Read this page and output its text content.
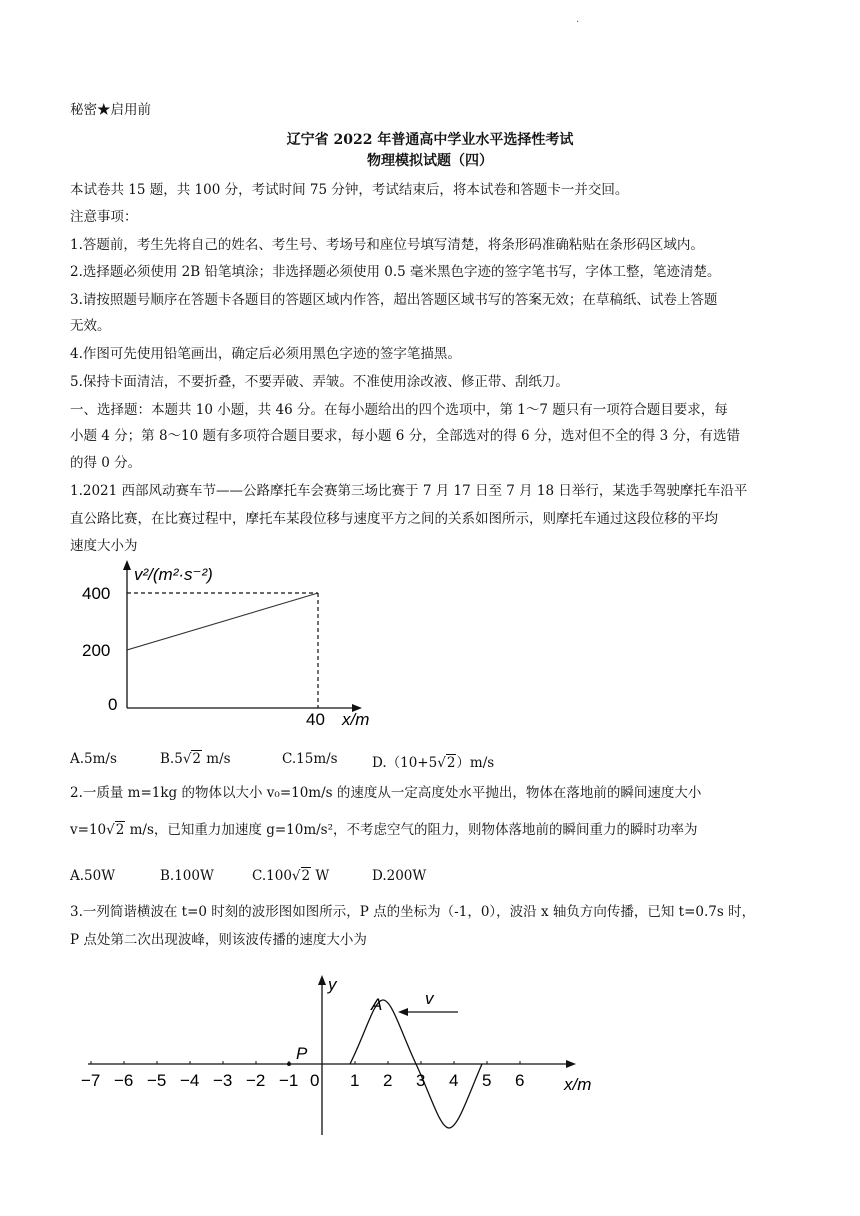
.
秘密★启用前
辽宁省 2022 年普通高中学业水平选择性考试
物理模拟试题（四）
本试卷共 15 题，共 100 分，考试时间 75 分钟，考试结束后，将本试卷和答题卡一并交回。
注意事项：
1.答题前，考生先将自己的姓名、考生号、考场号和座位号填写清楚，将条形码准确粘贴在条形码区域内。
2.选择题必须使用 2B 铅笔填涂；非选择题必须使用 0.5 毫米黑色字迹的签字笔书写，字体工整，笔迹清楚。
3.请按照题号顺序在答题卡各题目的答题区域内作答，超出答题区域书写的答案无效；在草稿纸、试卷上答题
无效。
4.作图可先使用铅笔画出，确定后必须用黑色字迹的签字笔描黑。
5.保持卡面清洁，不要折叠，不要弄破、弄皱。不准使用涂改液、修正带、刮纸刀。
一、选择题：本题共 10 小题，共 46 分。在每小题给出的四个选项中，第 1～7 题只有一项符合题目要求，每
小题 4 分；第 8～10 题有多项符合题目要求，每小题 6 分，全部选对的得 6 分，选对但不全的得 3 分，有选错
的得 0 分。
1.2021 西部风动赛车节——公路摩托车会赛第三场比赛于 7 月 17 日至 7 月 18 日举行，某选手驾驶摩托车沿平
直公路比赛，在比赛过程中，摩托车某段位移与速度平方之间的关系如图所示，则摩托车通过这段位移的平均
速度大小为
v²/(m²·s⁻²)
400
200
0
40 x/m
A.5m/s	B.5√2 m/s	C.15m/s	D.（10+5√2）m/s
2.一质量 m=1kg 的物体以大小 v₀=10m/s 的速度从一定高度处水平抛出，物体在落地前的瞬间速度大小
v=10√2 m/s，已知重力加速度 g=10m/s²，不考虑空气的阻力，则物体落地前的瞬间重力的瞬时功率为
A.50W	B.100W	C.100√2 W	D.200W
3.一列简谐横波在 t=0 时刻的波形图如图所示，P 点的坐标为（-1，0），波沿 x 轴负方向传播，已知 t=0.7s 时，
P 点处第二次出现波峰，则该波传播的速度大小为
y
A	v
P
x/m
−7 −6 −5 −4 −3 −2 −1 0 1 2 3 4 5 6
